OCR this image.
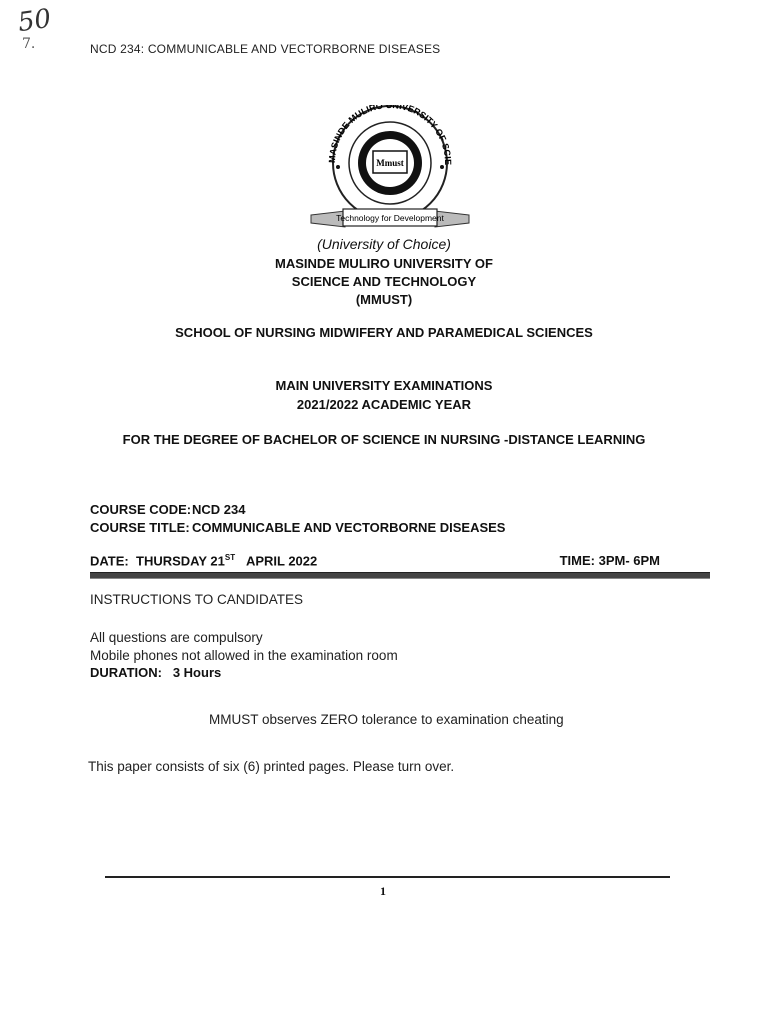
50
7.	NCD 234: COMMUNICABLE AND VECTORBORNE DISEASES
Mmust
MASINDE MULIRO UNIVERSITY OF SCIE
Technology for Development
(University of Choice)
MASINDE MULIRO UNIVERSITY OF
SCIENCE AND TECHNOLOGY
(MMUST)
SCHOOL OF NURSING MIDWIFERY AND PARAMEDICAL SCIENCES
MAIN UNIVERSITY EXAMINATIONS
2021/2022 ACADEMIC YEAR
FOR THE DEGREE OF BACHELOR OF SCIENCE IN NURSING -DISTANCE LEARNING
COURSE CODE:NCD 234
COURSE TITLE: COMMUNICABLE AND VECTORBORNE DISEASES
DATE: THURSDAY 21ST APRIL 2022	TIME: 3PM- 6PM
INSTRUCTIONS TO CANDIDATES
All questions are compulsory
Mobile phones not allowed in the examination room
DURATION: 3 Hours
MMUST observes ZERO tolerance to examination cheating
This paper consists of six (6) printed pages. Please turn over.
1
